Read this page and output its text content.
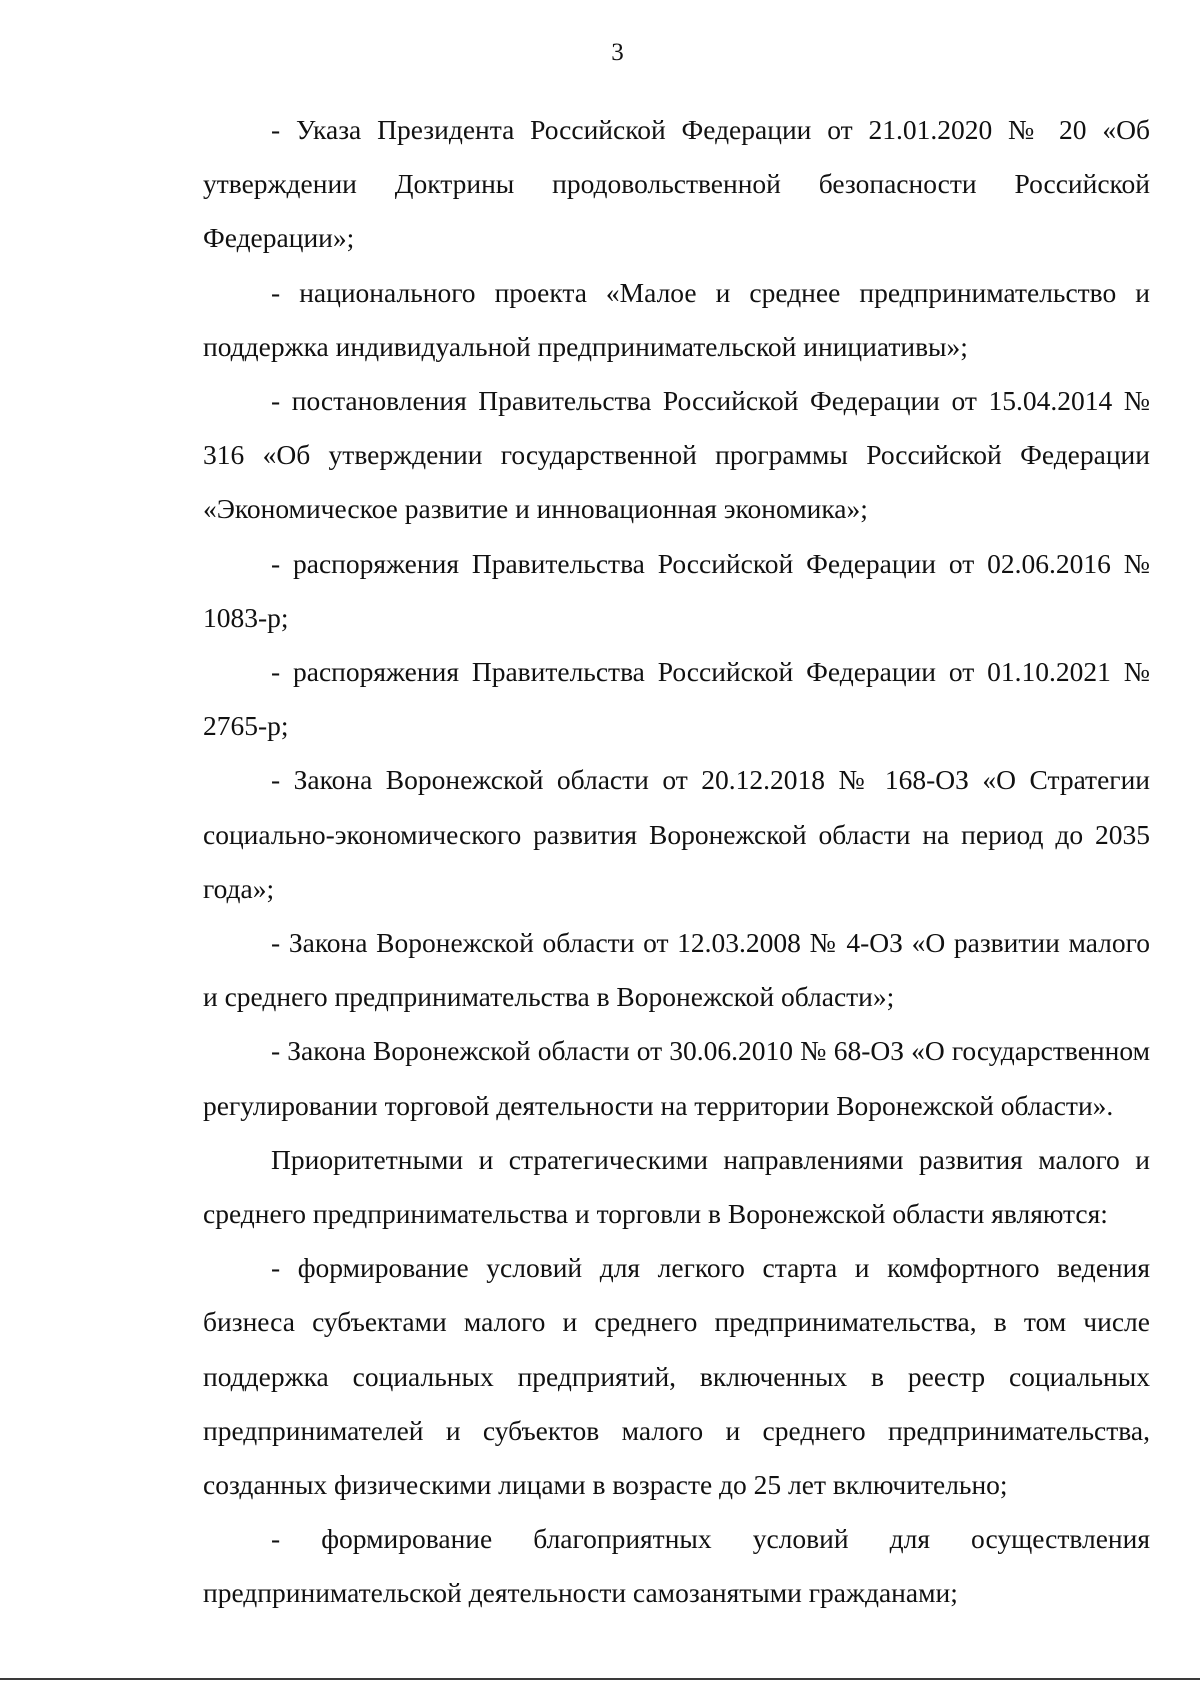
3

- Указа Президента Российской Федерации от 21.01.2020 № 20 «Об утверждении Доктрины продовольственной безопасности Российской Федерации»;

- национального проекта «Малое и среднее предпринимательство и поддержка индивидуальной предпринимательской инициативы»;

- постановления Правительства Российской Федерации от 15.04.2014 № 316 «Об утверждении государственной программы Российской Федерации «Экономическое развитие и инновационная экономика»;

- распоряжения Правительства Российской Федерации от 02.06.2016 № 1083-р;

- распоряжения Правительства Российской Федерации от 01.10.2021 № 2765-р;

- Закона Воронежской области от 20.12.2018 № 168-ОЗ «О Стратегии социально-экономического развития Воронежской области на период до 2035 года»;

- Закона Воронежской области от 12.03.2008 № 4-ОЗ «О развитии малого и среднего предпринимательства в Воронежской области»;

- Закона Воронежской области от 30.06.2010 № 68-ОЗ «О государственном регулировании торговой деятельности на территории Воронежской области».

Приоритетными и стратегическими направлениями развития малого и среднего предпринимательства и торговли в Воронежской области являются:

- формирование условий для легкого старта и комфортного ведения бизнеса субъектами малого и среднего предпринимательства, в том числе поддержка социальных предприятий, включенных в реестр социальных предпринимателей и субъектов малого и среднего предпринимательства, созданных физическими лицами в возрасте до 25 лет включительно;

- формирование благоприятных условий для осуществления предпринимательской деятельности самозанятыми гражданами;
